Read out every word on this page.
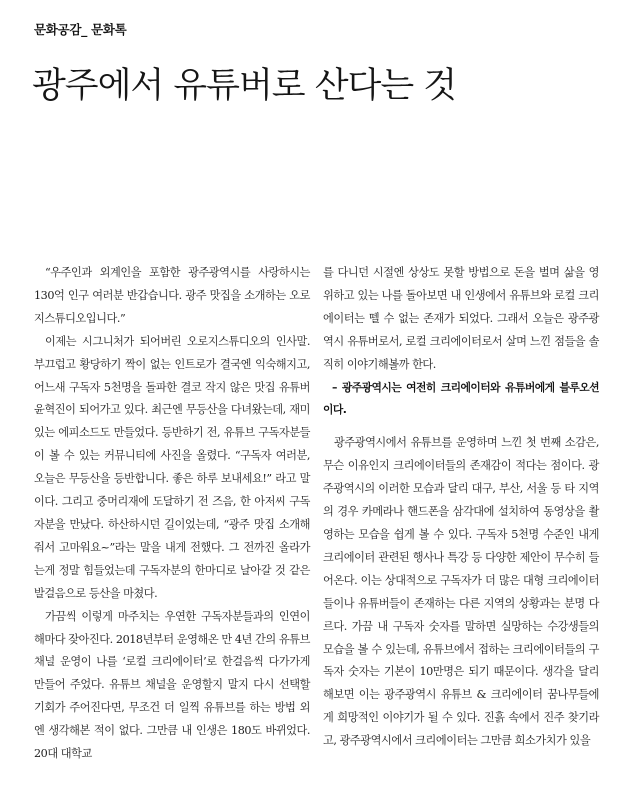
문화공감_ 문화톡
광주에서 유튜버로 산다는 것

“우주인과 외계인을 포함한 광주광역시를 사랑하시는 130억 인구 여러분 반갑습니다. 광주 맛집을 소개하는 오로지스튜디오입니다.”

이제는 시그니처가 되어버린 오로지스튜디오의 인사말. 부끄럽고 황당하기 짝이 없는 인트로가 결국엔 익숙해지고, 어느새 구독자 5천명을 돌파한 결코 작지 않은 맛집 유튜버 윤혁진이 되어가고 있다. 최근엔 무등산을 다녀왔는데, 재미있는 에피소드도 만들었다. 등반하기 전, 유튜브 구독자분들이 볼 수 있는 커뮤니티에 사진을 올렸다. “구독자 여러분, 오늘은 무등산을 등반합니다. 좋은 하루 보내세요!” 라고 말이다. 그리고 중머리재에 도달하기 전 즈음, 한 아저씨 구독자분을 만났다. 하산하시던 길이었는데, “광주 맛집 소개해줘서 고마워요~”라는 말을 내게 전했다. 그 전까진 올라가는게 정말 힘들었는데 구독자분의 한마디로 날아갈 것 같은 발걸음으로 등산을 마쳤다.

가끔씩 이렇게 마주치는 우연한 구독자분들과의 인연이 해마다 잦아진다. 2018년부터 운영해온 만 4년 간의 유튜브 채널 운영이 나를 ‘로컬 크리에이터’로 한걸음씩 다가가게 만들어 주었다. 유튜브 채널을 운영할지 말지 다시 선택할 기회가 주어진다면, 무조건 더 일찍 유튜브를 하는 방법 외엔 생각해본 적이 없다. 그만큼 내 인생은 180도 바뀌었다. 20대 대학교

를 다니던 시절엔 상상도 못할 방법으로 돈을 벌며 삶을 영위하고 있는 나를 돌아보면 내 인생에서 유튜브와 로컬 크리에이터는 뗄 수 없는 존재가 되었다. 그래서 오늘은 광주광역시 유튜버로서, 로컬 크리에이터로서 살며 느낀 점들을 솔직히 이야기해볼까 한다.

– 광주광역시는 여전히 크리에이터와 유튜버에게 블루오션이다.

광주광역시에서 유튜브를 운영하며 느낀 첫 번째 소감은, 무슨 이유인지 크리에이터들의 존재감이 적다는 점이다. 광주광역시의 이러한 모습과 달리 대구, 부산, 서울 등 타 지역의 경우 카메라나 핸드폰을 삼각대에 설치하여 동영상을 촬영하는 모습을 쉽게 볼 수 있다. 구독자 5천명 수준인 내게 크리에이터 관련된 행사나 특강 등 다양한 제안이 무수히 들어온다. 이는 상대적으로 구독자가 더 많은 대형 크리에이터들이나 유튜버들이 존재하는 다른 지역의 상황과는 분명 다르다. 가끔 내 구독자 숫자를 말하면 실망하는 수강생들의 모습을 볼 수 있는데, 유튜브에서 접하는 크리에이터들의 구독자 숫자는 기본이 10만명은 되기 때문이다. 생각을 달리해보면 이는 광주광역시 유튜브 & 크리에이터 꿈나무들에게 희망적인 이야기가 될 수 있다. 진흙 속에서 진주 찾기라고, 광주광역시에서 크리에이터는 그만큼 희소가치가 있을
